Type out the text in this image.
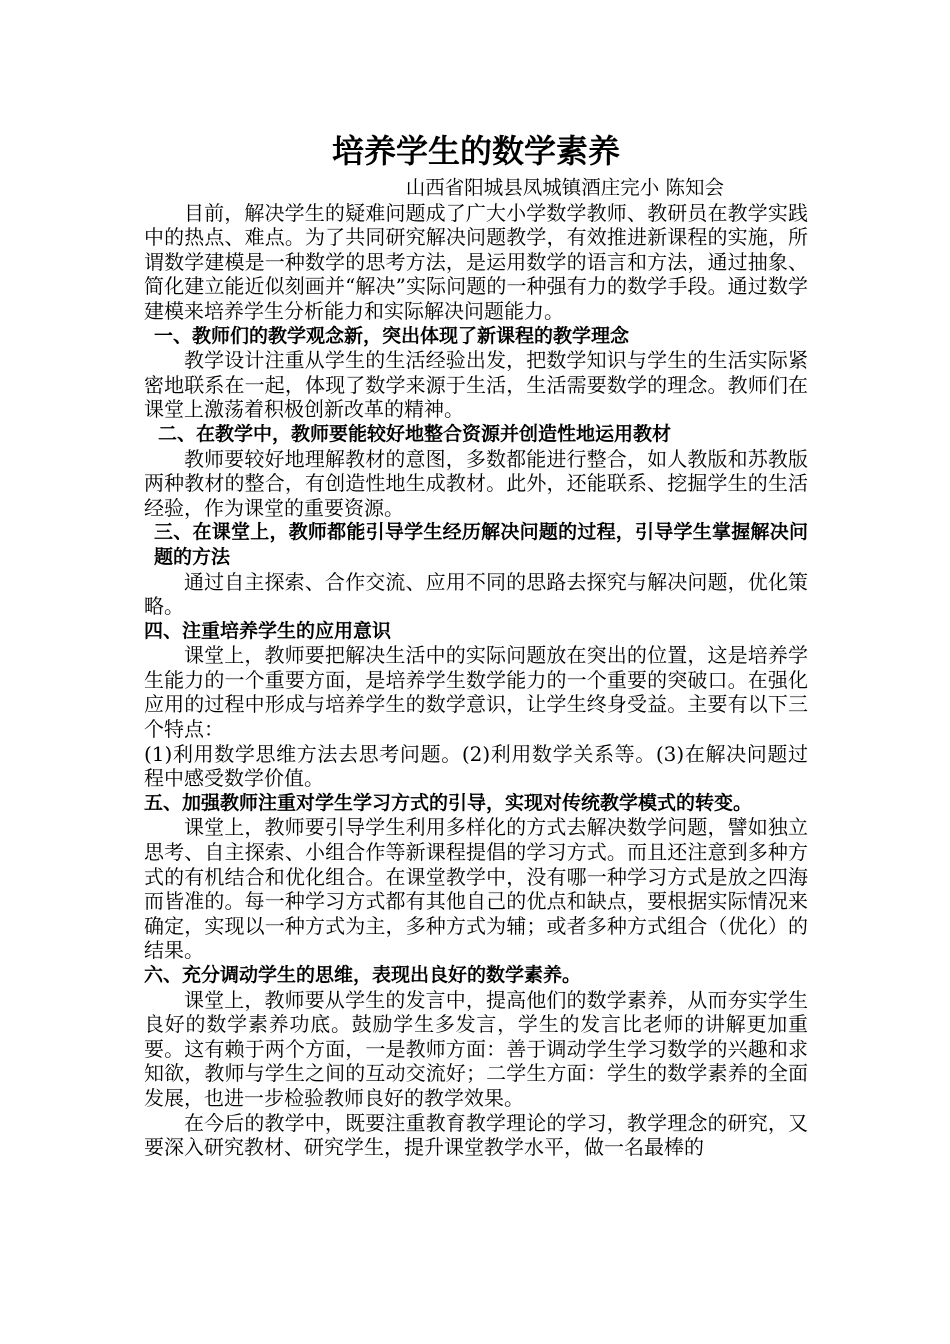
培养学生的数学素养

山西省阳城县凤城镇酒庄完小 陈知会

目前，解决学生的疑难问题成了广大小学数学教师、教研员在教学实践中的热点、难点。为了共同研究解决问题教学，有效推进新课程的实施，所谓数学建模是一种数学的思考方法，是运用数学的语言和方法，通过抽象、简化建立能近似刻画并“解决”实际问题的一种强有力的数学手段。通过数学建模来培养学生分析能力和实际解决问题能力。

一、教师们的教学观念新，突出体现了新课程的教学理念

教学设计注重从学生的生活经验出发，把数学知识与学生的生活实际紧密地联系在一起，体现了数学来源于生活，生活需要数学的理念。教师们在课堂上激荡着积极创新改革的精神。

二、在教学中，教师要能较好地整合资源并创造性地运用教材

教师要较好地理解教材的意图，多数都能进行整合，如人教版和苏教版两种教材的整合，有创造性地生成教材。此外，还能联系、挖掘学生的生活经验，作为课堂的重要资源。

三、在课堂上，教师都能引导学生经历解决问题的过程，引导学生掌握解决问题的方法

通过自主探索、合作交流、应用不同的思路去探究与解决问题，优化策略。

四、注重培养学生的应用意识

课堂上，教师要把解决生活中的实际问题放在突出的位置，这是培养学生能力的一个重要方面，是培养学生数学能力的一个重要的突破口。在强化应用的过程中形成与培养学生的数学意识，让学生终身受益。主要有以下三个特点：

(1)利用数学思维方法去思考问题。(2)利用数学关系等。(3)在解决问题过程中感受数学价值。

五、加强教师注重对学生学习方式的引导，实现对传统教学模式的转变。

课堂上，教师要引导学生利用多样化的方式去解决数学问题，譬如独立思考、自主探索、小组合作等新课程提倡的学习方式。而且还注意到多种方式的有机结合和优化组合。在课堂教学中，没有哪一种学习方式是放之四海而皆准的。每一种学习方式都有其他自己的优点和缺点，要根据实际情况来确定，实现以一种方式为主，多种方式为辅；或者多种方式组合（优化）的结果。

六、充分调动学生的思维，表现出良好的数学素养。

课堂上，教师要从学生的发言中，提高他们的数学素养，从而夯实学生良好的数学素养功底。鼓励学生多发言，学生的发言比老师的讲解更加重要。这有赖于两个方面，一是教师方面：善于调动学生学习数学的兴趣和求知欲，教师与学生之间的互动交流好；二学生方面：学生的数学素养的全面发展，也进一步检验教师良好的教学效果。

在今后的教学中，既要注重教育教学理论的学习，教学理念的研究，又要深入研究教材、研究学生，提升课堂教学水平，做一名最棒的
